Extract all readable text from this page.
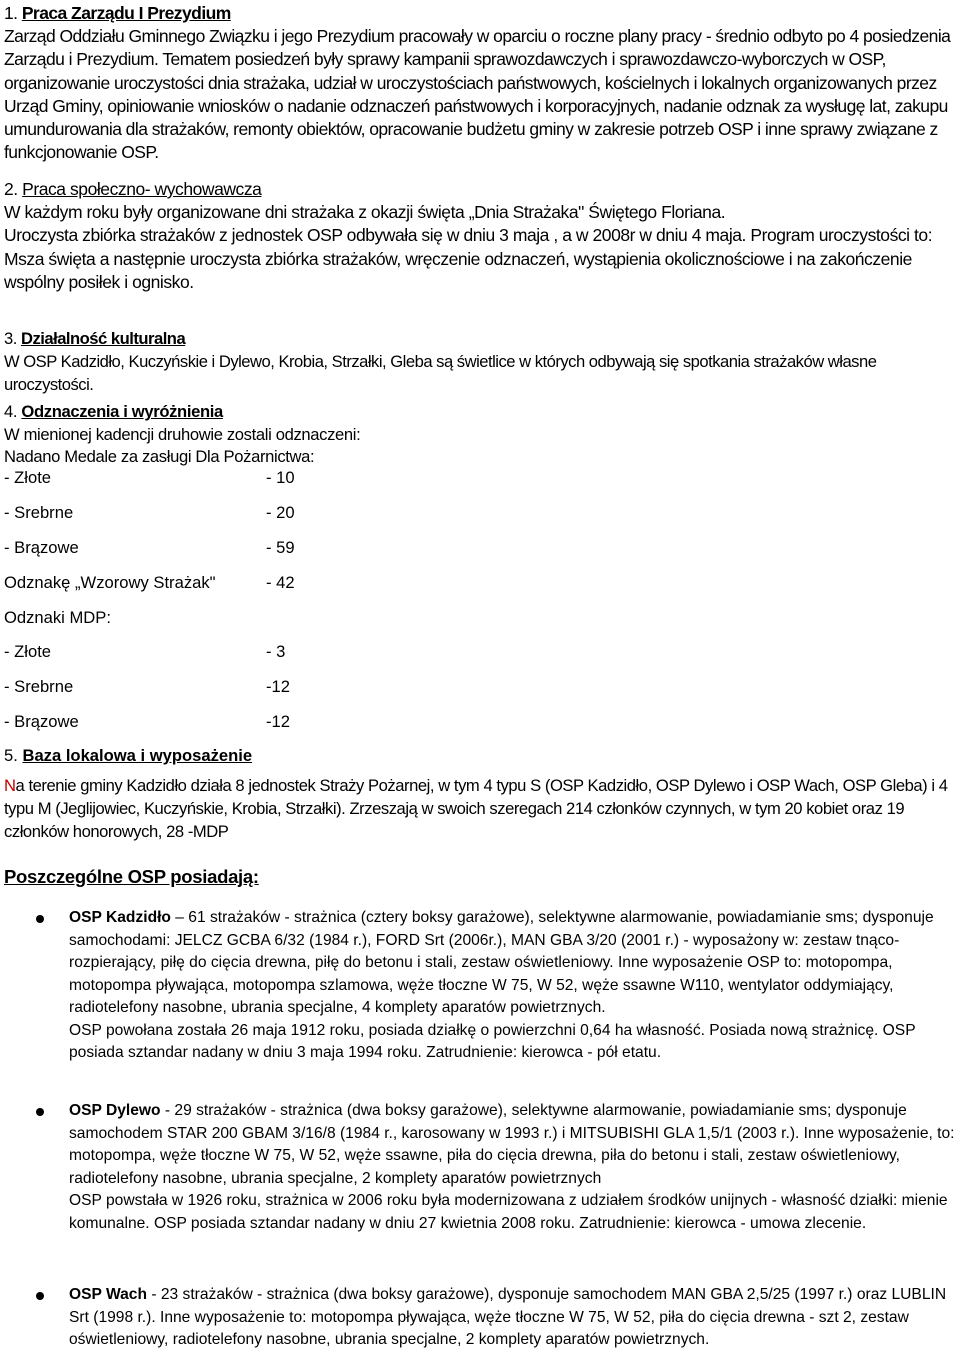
1. Praca Zarządu I Prezydium

Zarząd Oddziału Gminnego Związku i jego Prezydium pracowały w oparciu o roczne plany pracy - średnio odbyto po 4 posiedzenia Zarządu i Prezydium. Tematem posiedzeń były sprawy kampanii sprawozdawczych i sprawozdawczo-wyborczych w OSP, organizowanie uroczystości dnia strażaka, udział w uroczystościach państwowych, kościelnych i lokalnych organizowanych przez Urząd Gminy, opiniowanie wniosków o nadanie odznaczeń państwowych i korporacyjnych, nadanie odznak za wysługę lat, zakupu umundurowania dla strażaków, remonty obiektów, opracowanie budżetu gminy w zakresie potrzeb OSP i inne sprawy związane z funkcjonowanie OSP.

2. Praca społeczno- wychowawcza

W każdym roku były organizowane dni strażaka z okazji święta „Dnia Strażaka" Świętego Floriana.

Uroczysta zbiórka strażaków z jednostek OSP odbywała się w dniu 3 maja , a w 2008r w dniu 4 maja. Program uroczystości to: Msza święta a następnie uroczysta zbiórka strażaków, wręczenie odznaczeń, wystąpienia okolicznościowe i na zakończenie wspólny posiłek i ognisko.

3. Działalność kulturalna

W OSP Kadzidło, Kuczyńskie i Dylewo, Krobia, Strzałki, Gleba są świetlice w których odbywają się spotkania strażaków własne uroczystości.

4. Odznaczenia i wyróżnienia

W mienionej kadencji druhowie zostali odznaczeni:

Nadano Medale za zasługi Dla Pożarnictwa:

- Złote	- 10
- Srebrne	- 20
- Brązowe	- 59
Odznakę „Wzorowy Strażak"	- 42
Odznaki MDP:
- Złote	- 3
- Srebrne	-12
- Brązowe	-12
5. Baza lokalowa i wyposażenie
Na terenie gminy Kadzidło działa 8 jednostek Straży Pożarnej, w tym 4 typu S (OSP Kadzidło, OSP Dylewo i OSP Wach, OSP Gleba) i 4 typu M (Jeglijowiec, Kuczyńskie, Krobia, Strzałki). Zrzeszają w swoich szeregach 214 członków czynnych, w tym 20 kobiet oraz 19 członków honorowych, 28 -MDP
Poszczególne OSP posiadają:
OSP Kadzidło – 61 strażaków - strażnica (cztery boksy garażowe), selektywne alarmowanie, powiadamianie sms; dysponuje samochodami: JELCZ GCBA 6/32 (1984 r.), FORD Srt (2006r.), MAN GBA 3/20 (2001 r.) - wyposażony w: zestaw tnąco-rozpierający, piłę do cięcia drewna, piłę do betonu i stali, zestaw oświetleniowy. Inne wyposażenie OSP to: motopompa, motopompa pływająca, motopompa szlamowa, węże tłoczne W 75, W 52, węże ssawne W110, wentylator oddymiający, radiotelefony nasobne, ubrania specjalne, 4 komplety aparatów powietrznych.
OSP powołana została 26 maja 1912 roku, posiada działkę o powierzchni 0,64 ha własność. Posiada nową strażnicę. OSP posiada sztandar nadany w dniu 3 maja 1994 roku. Zatrudnienie: kierowca - pół etatu.
OSP Dylewo - 29 strażaków - strażnica (dwa boksy garażowe), selektywne alarmowanie, powiadamianie sms; dysponuje samochodem STAR 200 GBAM 3/16/8 (1984 r., karosowany w 1993 r.) i MITSUBISHI GLA 1,5/1 (2003 r.). Inne wyposażenie, to: motopompa, węże tłoczne W 75, W 52, węże ssawne, piła do cięcia drewna, piła do betonu i stali, zestaw oświetleniowy, radiotelefony nasobne, ubrania specjalne, 2 komplety aparatów powietrznych
OSP powstała w 1926 roku, strażnica w 2006 roku była modernizowana z udziałem środków unijnych - własność działki: mienie komunalne. OSP posiada sztandar nadany w dniu 27 kwietnia 2008 roku. Zatrudnienie: kierowca - umowa zlecenie.
OSP Wach - 23 strażaków - strażnica (dwa boksy garażowe), dysponuje samochodem MAN GBA 2,5/25 (1997 r.) oraz LUBLIN Srt (1998 r.). Inne wyposażenie to: motopompa pływająca, węże tłoczne W 75, W 52, piła do cięcia drewna - szt 2, zestaw oświetleniowy, radiotelefony nasobne, ubrania specjalne, 2 komplety aparatów powietrznych.
